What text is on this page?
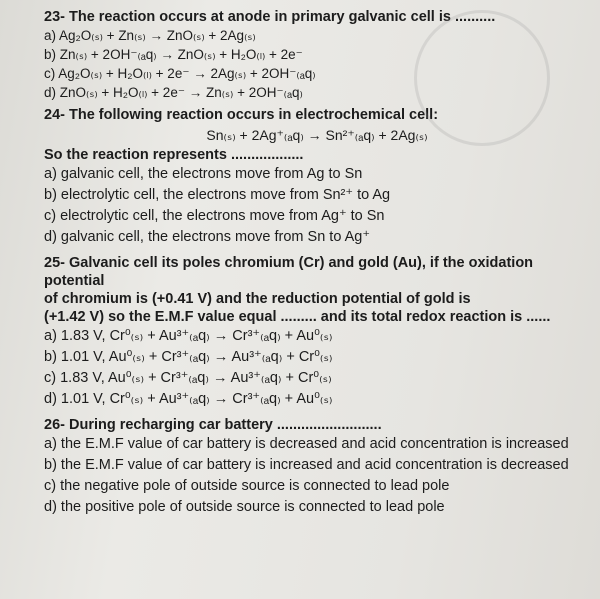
23- The reaction occurs at anode in primary galvanic cell is ..........
a) Ag₂O₍ₛ₎ + Zn₍ₛ₎ → ZnO₍ₛ₎ + 2Ag₍ₛ₎
b) Zn₍ₛ₎ + 2OH⁻₍ₐq₎ → ZnO₍ₛ₎ + H₂O₍ₗ₎ + 2e⁻
c) Ag₂O₍ₛ₎ + H₂O₍ₗ₎ + 2e⁻ → 2Ag₍ₛ₎ + 2OH⁻₍ₐq₎
d) ZnO₍ₛ₎ + H₂O₍ₗ₎ + 2e⁻ → Zn₍ₛ₎ + 2OH⁻₍ₐq₎
24- The following reaction occurs in electrochemical cell:
Sn₍ₛ₎ + 2Ag⁺₍ₐq₎ → Sn²⁺₍ₐq₎ + 2Ag₍ₛ₎
So the reaction represents ..................
a) galvanic cell, the electrons move from Ag to Sn
b) electrolytic cell, the electrons move from Sn²⁺ to Ag
c) electrolytic cell, the electrons move from Ag⁺ to Sn
d) galvanic cell, the electrons move from Sn to Ag⁺
25- Galvanic cell its poles chromium (Cr) and gold (Au), if the oxidation potential
of chromium is (+0.41 V) and the reduction potential of gold is
(+1.42 V) so the E.M.F value equal ......... and its total redox reaction is ......
a) 1.83 V, Cr⁰₍ₛ₎ + Au³⁺₍ₐq₎ → Cr³⁺₍ₐq₎ + Au⁰₍ₛ₎
b) 1.01 V, Au⁰₍ₛ₎ + Cr³⁺₍ₐq₎ → Au³⁺₍ₐq₎ + Cr⁰₍ₛ₎
c) 1.83 V, Au⁰₍ₛ₎ + Cr³⁺₍ₐq₎ → Au³⁺₍ₐq₎ + Cr⁰₍ₛ₎
d) 1.01 V, Cr⁰₍ₛ₎ + Au³⁺₍ₐq₎ → Cr³⁺₍ₐq₎ + Au⁰₍ₛ₎
26- During recharging car battery ..........................
a) the E.M.F value of car battery is decreased and acid concentration is increased
b) the E.M.F value of car battery is increased and acid concentration is decreased
c) the negative pole of outside source is connected to lead pole
d) the positive pole of outside source is connected to lead pole
